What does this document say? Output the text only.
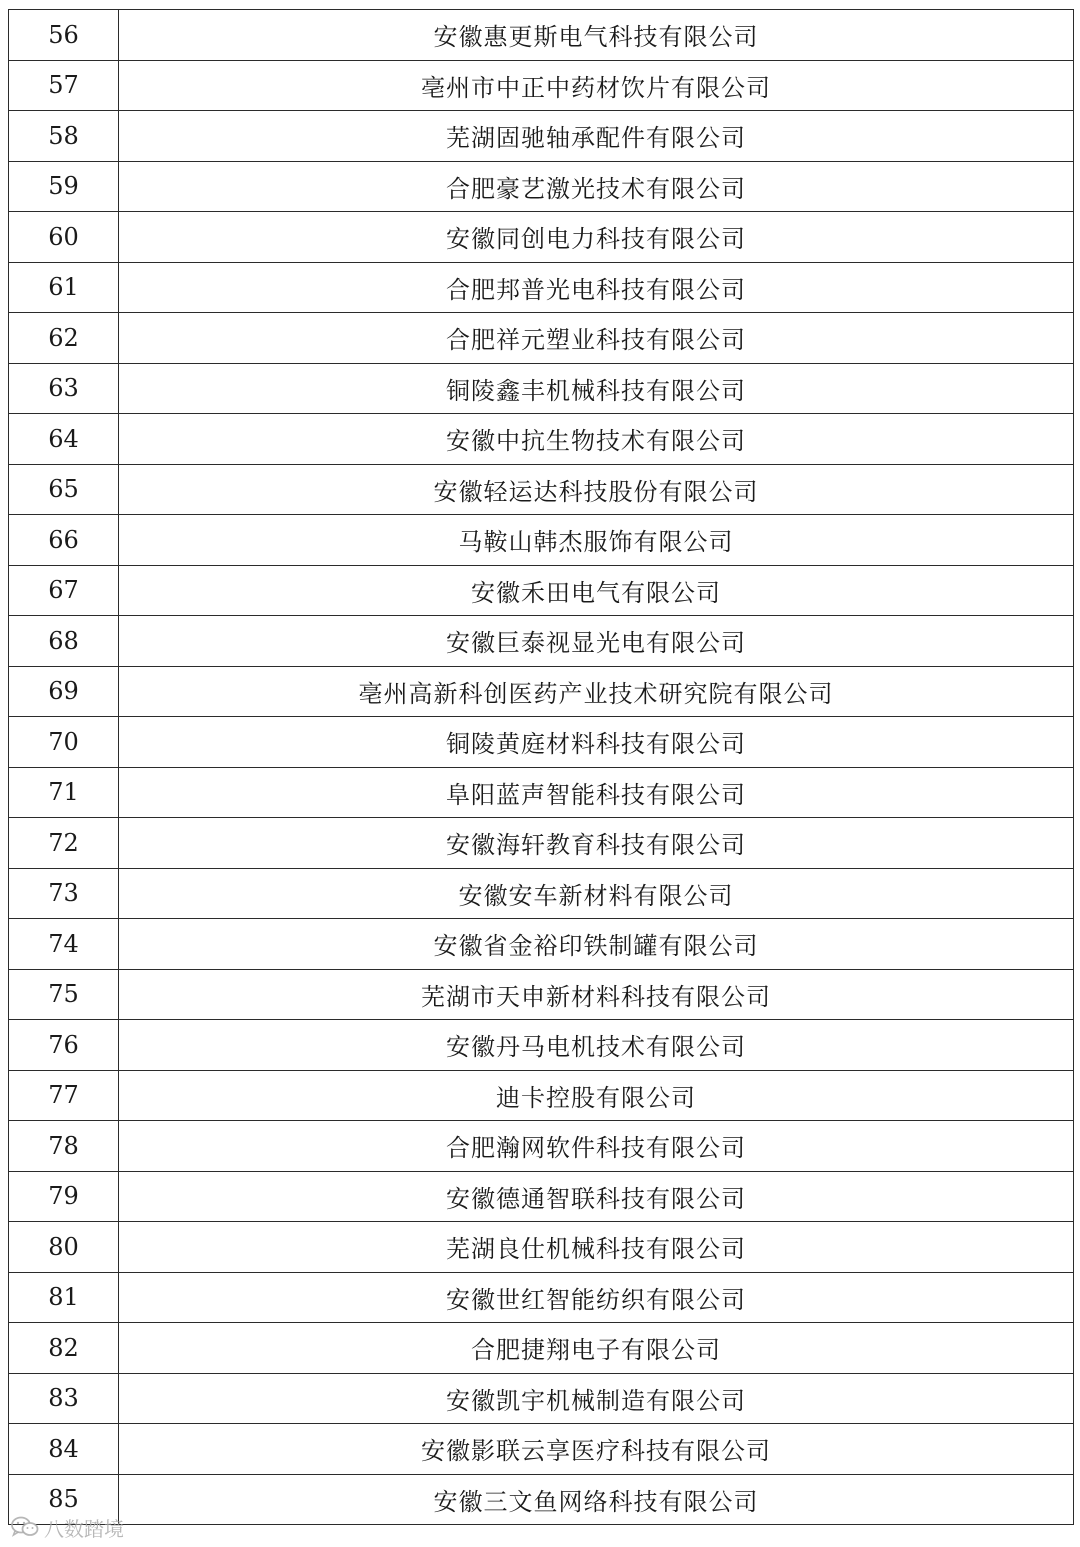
56	安徽惠更斯电气科技有限公司
57	亳州市中正中药材饮片有限公司
58	芜湖固驰轴承配件有限公司
59	合肥豪艺激光技术有限公司
60	安徽同创电力科技有限公司
61	合肥邦普光电科技有限公司
62	合肥祥元塑业科技有限公司
63	铜陵鑫丰机械科技有限公司
64	安徽中抗生物技术有限公司
65	安徽轻运达科技股份有限公司
66	马鞍山韩杰服饰有限公司
67	安徽禾田电气有限公司
68	安徽巨泰视显光电有限公司
69	亳州高新科创医药产业技术研究院有限公司
70	铜陵黄庭材料科技有限公司
71	阜阳蓝声智能科技有限公司
72	安徽海轩教育科技有限公司
73	安徽安车新材料有限公司
74	安徽省金裕印铁制罐有限公司
75	芜湖市天申新材料科技有限公司
76	安徽丹马电机技术有限公司
77	迪卡控股有限公司
78	合肥瀚网软件科技有限公司
79	安徽德通智联科技有限公司
80	芜湖良仕机械科技有限公司
81	安徽世红智能纺织有限公司
82	合肥捷翔电子有限公司
83	安徽凯宇机械制造有限公司
84	安徽影联云享医疗科技有限公司
85	安徽三文鱼网络科技有限公司
八数踏境
